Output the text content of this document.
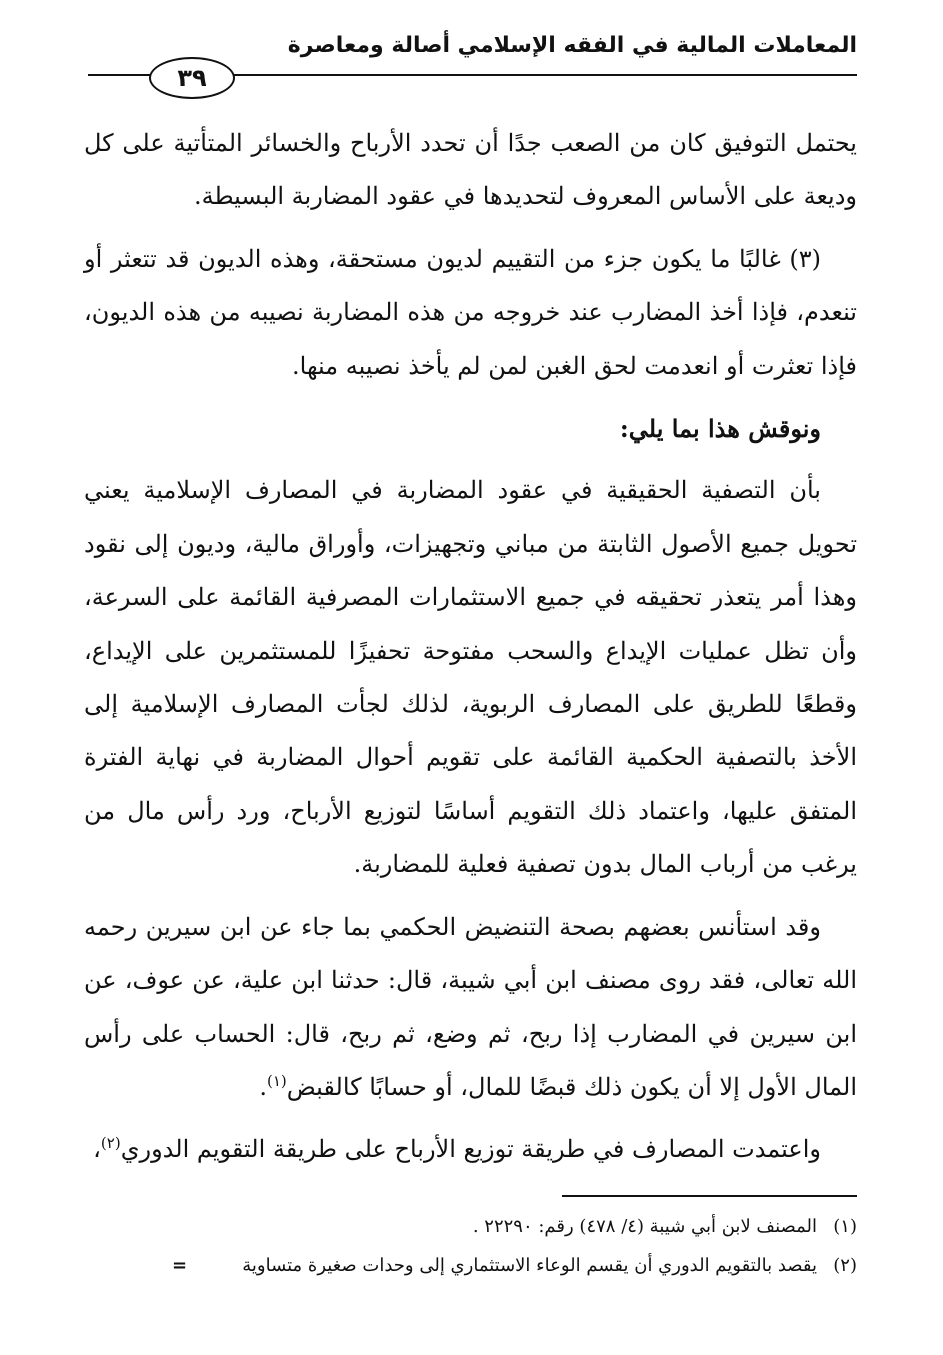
المعاملات المالية في الفقه الإسلامي أصالة ومعاصرة
٣٩

يحتمل التوفيق كان من الصعب جدًا أن تحدد الأرباح والخسائر المتأتية على كل وديعة على الأساس المعروف لتحديدها في عقود المضاربة البسيطة.

(٣) غالبًا ما يكون جزء من التقييم لديون مستحقة، وهذه الديون قد تتعثر أو تنعدم، فإذا أخذ المضارب عند خروجه من هذه المضاربة نصيبه من هذه الديون، فإذا تعثرت أو انعدمت لحق الغبن لمن لم يأخذ نصيبه منها.

ونوقش هذا بما يلي:

بأن التصفية الحقيقية في عقود المضاربة في المصارف الإسلامية يعني تحويل جميع الأصول الثابتة من مباني وتجهيزات، وأوراق مالية، وديون إلى نقود وهذا أمر يتعذر تحقيقه في جميع الاستثمارات المصرفية القائمة على السرعة، وأن تظل عمليات الإيداع والسحب مفتوحة تحفيزًا للمستثمرين على الإيداع، وقطعًا للطريق على المصارف الربوية، لذلك لجأت المصارف الإسلامية إلى الأخذ بالتصفية الحكمية القائمة على تقويم أحوال المضاربة في نهاية الفترة المتفق عليها، واعتماد ذلك التقويم أساسًا لتوزيع الأرباح، ورد رأس مال من يرغب من أرباب المال بدون تصفية فعلية للمضاربة.

وقد استأنس بعضهم بصحة التنضيض الحكمي بما جاء عن ابن سيرين رحمه الله تعالى، فقد روى مصنف ابن أبي شيبة، قال: حدثنا ابن علية، عن عوف، عن ابن سيرين في المضارب إذا ربح، ثم وضع، ثم ربح، قال: الحساب على رأس المال الأول إلا أن يكون ذلك قبضًا للمال، أو حسابًا كالقبض$^{(١)}$.

واعتمدت المصارف في طريقة توزيع الأرباح على طريقة التقويم الدوري$^{(٢)}$،

(١)المصنف لابن أبي شيبة (٤/ ٤٧٨) رقم: ٢٢٢٩٠ .
(٢)يقصد بالتقويم الدوري أن يقسم الوعاء الاستثماري إلى وحدات صغيرة متساوية
=
